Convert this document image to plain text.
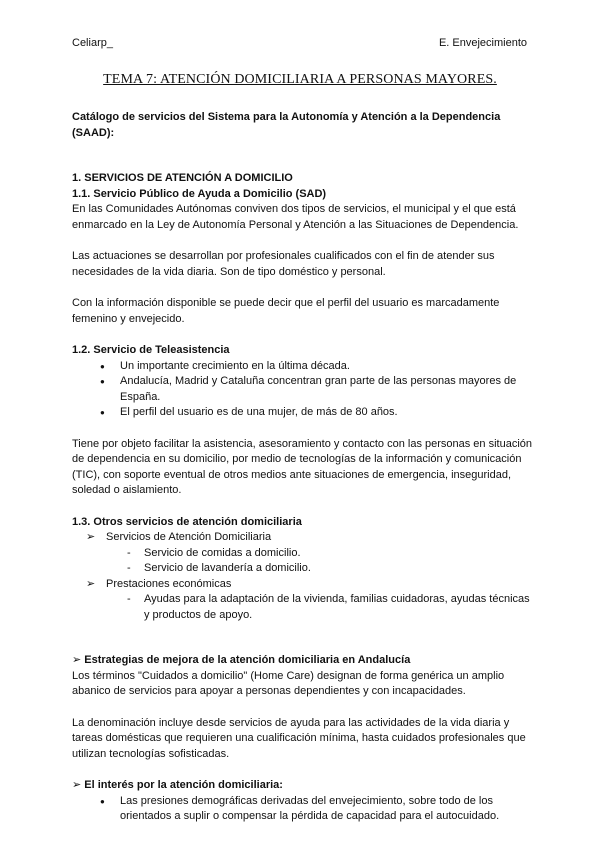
Celiarp_	E. Envejecimiento
TEMA 7: ATENCIÓN DOMICILIARIA A PERSONAS MAYORES.

Catálogo de servicios del Sistema para la Autonomía y Atención a la Dependencia (SAAD):

1. SERVICIOS DE ATENCIÓN A DOMICILIO

1.1. Servicio Público de Ayuda a Domicilio (SAD)

En las Comunidades Autónomas conviven dos tipos de servicios, el municipal y el que está enmarcado en la Ley de Autonomía Personal y Atención a las Situaciones de Dependencia.

Las actuaciones se desarrollan por profesionales cualificados con el fin de atender sus necesidades de la vida diaria. Son de tipo doméstico y personal.

Con la información disponible se puede decir que el perfil del usuario es marcadamente femenino y envejecido.

1.2. Servicio de Teleasistencia

● Un importante crecimiento en la última década.
● Andalucía, Madrid y Cataluña concentran gran parte de las personas mayores de España.
● El perfil del usuario es de una mujer, de más de 80 años.

Tiene por objeto facilitar la asistencia, asesoramiento y contacto con las personas en situación de dependencia en su domicilio, por medio de tecnologías de la información y comunicación (TIC), con soporte eventual de otros medios ante situaciones de emergencia, inseguridad, soledad o aislamiento.

1.3. Otros servicios de atención domiciliaria

➢ Servicios de Atención Domiciliaria
- Servicio de comidas a domicilio.
- Servicio de lavandería a domicilio.
➢ Prestaciones económicas
- Ayudas para la adaptación de la vivienda, familias cuidadoras, ayudas técnicas y productos de apoyo.

➢ Estrategias de mejora de la atención domiciliaria en Andalucía

Los términos "Cuidados a domicilio" (Home Care) designan de forma genérica un amplio abanico de servicios para apoyar a personas dependientes y con incapacidades.

La denominación incluye desde servicios de ayuda para las actividades de la vida diaria y tareas domésticas que requieren una cualificación mínima, hasta cuidados profesionales que utilizan tecnologías sofisticadas.

➢ El interés por la atención domiciliaria:

● Las presiones demográficas derivadas del envejecimiento, sobre todo de los orientados a suplir o compensar la pérdida de capacidad para el autocuidado.
